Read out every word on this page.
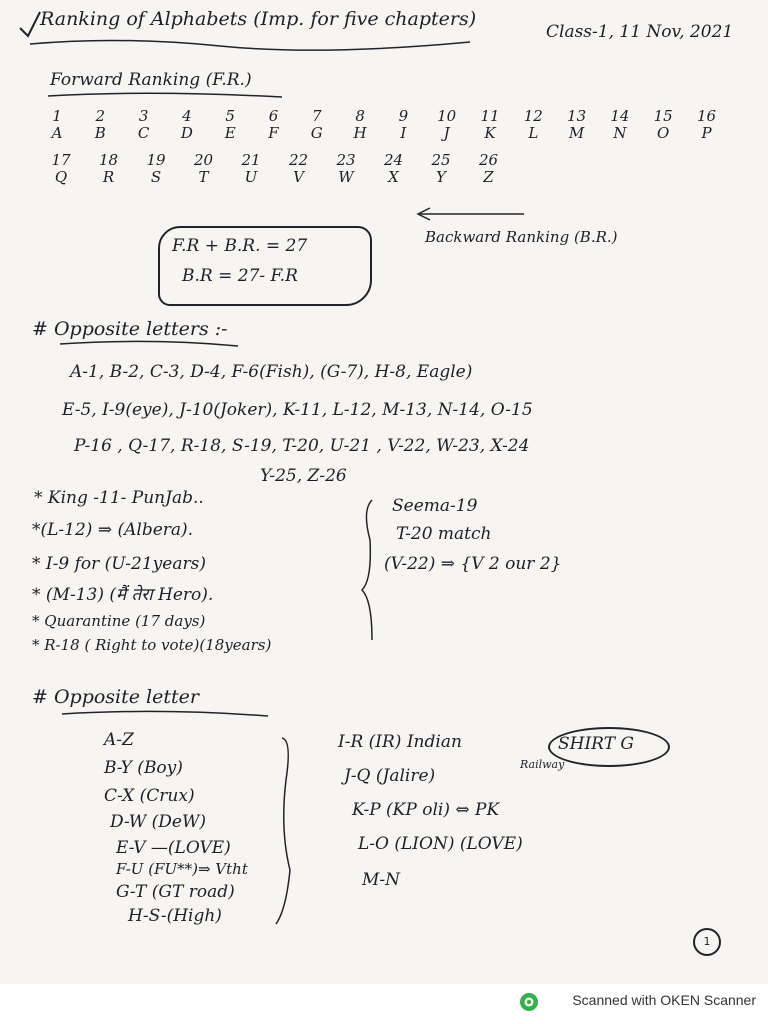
Ranking of Alphabets (Imp. for five chapters)
Class-1, 11 Nov, 2021
Forward Ranking (F.R.)
1
A
2
B
3
C
4
D
5
E
6
F
7
G
8
H
9
I
10
J
11
K
12
L
13
M
14
N
15
O
16
P
17
Q
18
R
19
S
20
T
21
U
22
V
23
W
24
X
25
Y
26
Z
Backward Ranking (B.R.)
F.R + B.R. = 27
B.R = 27- F.R
# Opposite letters :-
A-1, B-2, C-3, D-4, F-6(Fish), (G-7), H-8, Eagle)
E-5, I-9(eye), J-10(Joker), K-11, L-12, M-13, N-14, O-15
P-16 , Q-17, R-18, S-19, T-20, U-21 , V-22, W-23, X-24
Y-25, Z-26
* King -11- PunJab..
*(L-12) ⇒ (Albera).
* I-9 for (U-21years)
* (M-13) (मैं तेरा Hero).
* Quarantine (17 days)
* R-18 ( Right to vote)(18years)
Seema-19
T-20 match
(V-22) ⇒ {V 2 our 2}
# Opposite letter
A-Z
B-Y (Boy)
C-X (Crux)
D-W (DeW)
E-V —(LOVE)
F-U (FU**)⇒ Vtht
G-T (GT road)
H-S-(High)
I-R (IR) Indian
Railway
SHIRT G
J-Q (Jalire)
K-P (KP oli) ⇔ PK
L-O (LION) (LOVE)
M-N
1
Scanned with OKEN Scanner
